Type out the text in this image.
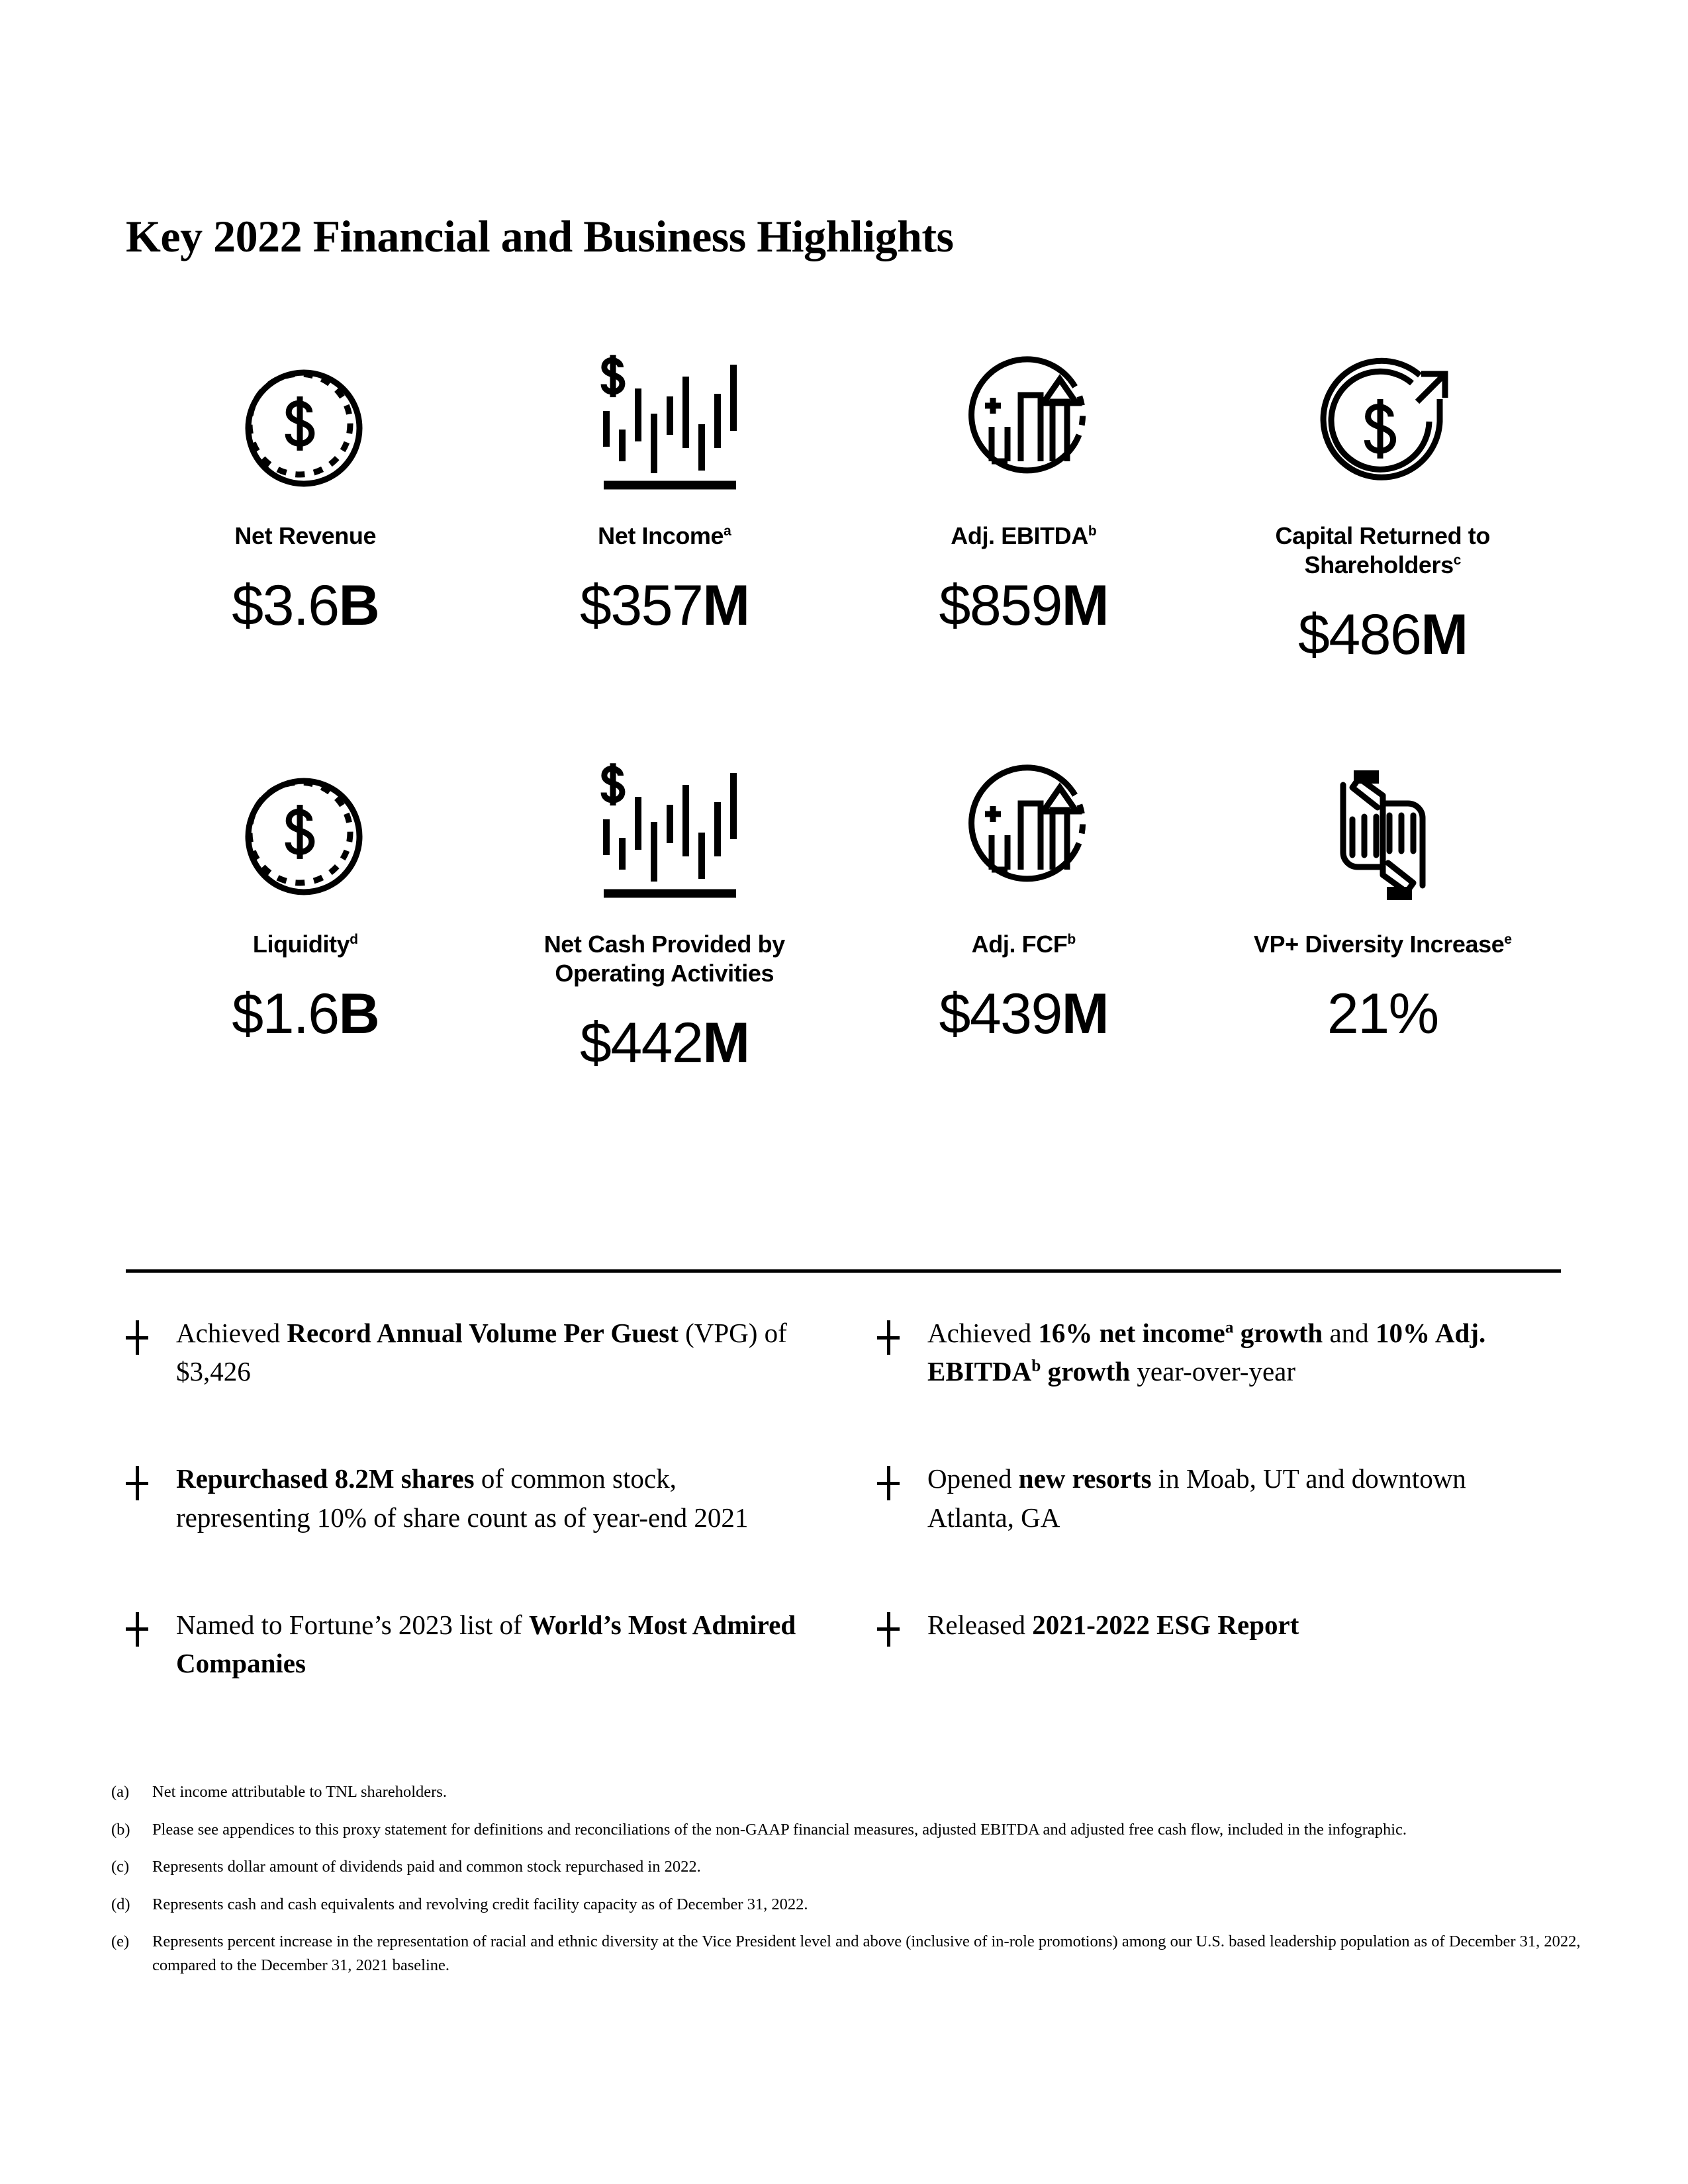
Key 2022 Financial and Business Highlights
Net Revenue
$3.6B
Net Income$^a$
$357M
Adj. EBITDA$^b$
$859M
Capital Returned to Shareholders$^c$
$486M
Liquidity$^d$
$1.6B
Net Cash Provided by Operating Activities
$442M
Adj. FCF$^b$
$439M
VP+ Diversity Increase$^e$
21%
Achieved Record Annual Volume Per Guest (VPG) of $3,426
Achieved 16% net income$^a$ growth and 10% Adj. EBITDA$^b$ growth year-over-year
Repurchased 8.2M shares of common stock, representing 10% of share count as of year-end 2021
Opened new resorts in Moab, UT and downtown Atlanta, GA
Named to Fortune’s 2023 list of World’s Most Admired Companies
Released 2021-2022 ESG Report
(a)	Net income attributable to TNL shareholders.
(b)	Please see appendices to this proxy statement for definitions and reconciliations of the non-GAAP financial measures, adjusted EBITDA and adjusted free cash flow, included in the infographic.
(c)	Represents dollar amount of dividends paid and common stock repurchased in 2022.
(d)	Represents cash and cash equivalents and revolving credit facility capacity as of December 31, 2022.
(e)	Represents percent increase in the representation of racial and ethnic diversity at the Vice President level and above (inclusive of in-role promotions) among our U.S. based leadership population as of December 31, 2022, compared to the December 31, 2021 baseline.
